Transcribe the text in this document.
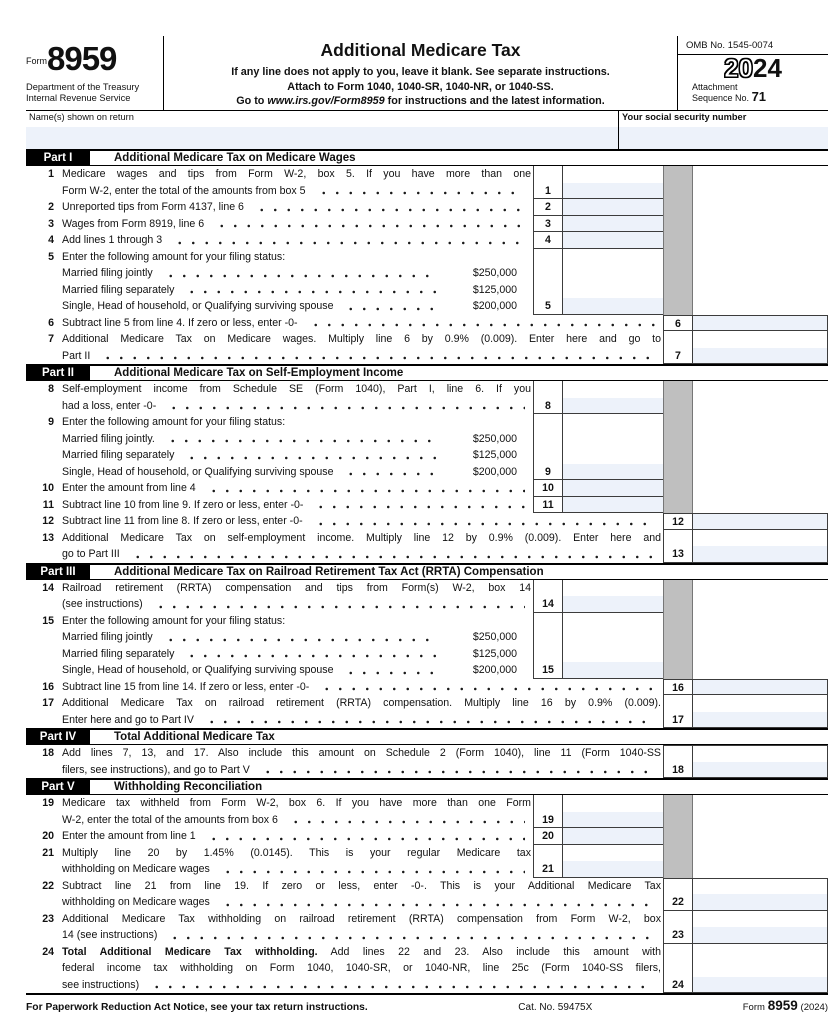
$^{Form}$8959
Department of the Treasury
Internal Revenue Service
Additional Medicare Tax
If any line does not apply to you, leave it blank. See separate instructions.
Attach to Form 1040, 1040-SR, 1040-NR, or 1040-SS.
Go to www.irs.gov/Form8959 for instructions and the latest information.
OMB No. 1545-0074
2024
Attachment
Sequence No. 71
Name(s) shown on return	Your social security number
Part I	Additional Medicare Tax on Medicare Wages
1 Medicare wages and tips from Form W-2, box 5. If you have more than one
Form W-2, enter the total of the amounts from box 5	1
2 Unreported tips from Form 4137, line 6	2
3 Wages from Form 8919, line 6	3
4 Add lines 1 through 3	4
5 Enter the following amount for your filing status:
Married filing jointly	$250,000
Married filing separately	$125,000
Single, Head of household, or Qualifying surviving spouse	$200,000	5
6 Subtract line 5 from line 4. If zero or less, enter -0-	6
7 Additional Medicare Tax on Medicare wages. Multiply line 6 by 0.9% (0.009). Enter here and go to
Part II	7
Part II	Additional Medicare Tax on Self-Employment Income
8 Self-employment income from Schedule SE (Form 1040), Part I, line 6. If you
had a loss, enter -0-	8
9 Enter the following amount for your filing status:
Married filing jointly.	$250,000
Married filing separately	$125,000
Single, Head of household, or Qualifying surviving spouse	$200,000	9
10 Enter the amount from line 4	10
11 Subtract line 10 from line 9. If zero or less, enter -0-	11
12 Subtract line 11 from line 8. If zero or less, enter -0-	12
13 Additional Medicare Tax on self-employment income. Multiply line 12 by 0.9% (0.009). Enter here and
go to Part III	13
Part III	Additional Medicare Tax on Railroad Retirement Tax Act (RRTA) Compensation
14 Railroad retirement (RRTA) compensation and tips from Form(s) W-2, box 14
(see instructions)	14
15 Enter the following amount for your filing status:
Married filing jointly	$250,000
Married filing separately	$125,000
Single, Head of household, or Qualifying surviving spouse	$200,000	15
16 Subtract line 15 from line 14. If zero or less, enter -0-	16
17 Additional Medicare Tax on railroad retirement (RRTA) compensation. Multiply line 16 by 0.9% (0.009).
Enter here and go to Part IV	17
Part IV	Total Additional Medicare Tax
18 Add lines 7, 13, and 17. Also include this amount on Schedule 2 (Form 1040), line 11 (Form 1040-SS
filers, see instructions), and go to Part V	18
Part V	Withholding Reconciliation
19 Medicare tax withheld from Form W-2, box 6. If you have more than one Form
W-2, enter the total of the amounts from box 6	19
20 Enter the amount from line 1	20
21 Multiply line 20 by 1.45% (0.0145). This is your regular Medicare tax
withholding on Medicare wages	21
22 Subtract line 21 from line 19. If zero or less, enter -0-. This is your Additional Medicare Tax
withholding on Medicare wages	22
23 Additional Medicare Tax withholding on railroad retirement (RRTA) compensation from Form W-2, box
14 (see instructions)	23
24 Total Additional Medicare Tax withholding. Add lines 22 and 23. Also include this amount with
federal income tax withholding on Form 1040, 1040-SR, or 1040-NR, line 25c (Form 1040-SS filers,
see instructions)	24
For Paperwork Reduction Act Notice, see your tax return instructions.	Cat. No. 59475X	Form 8959 (2024)
